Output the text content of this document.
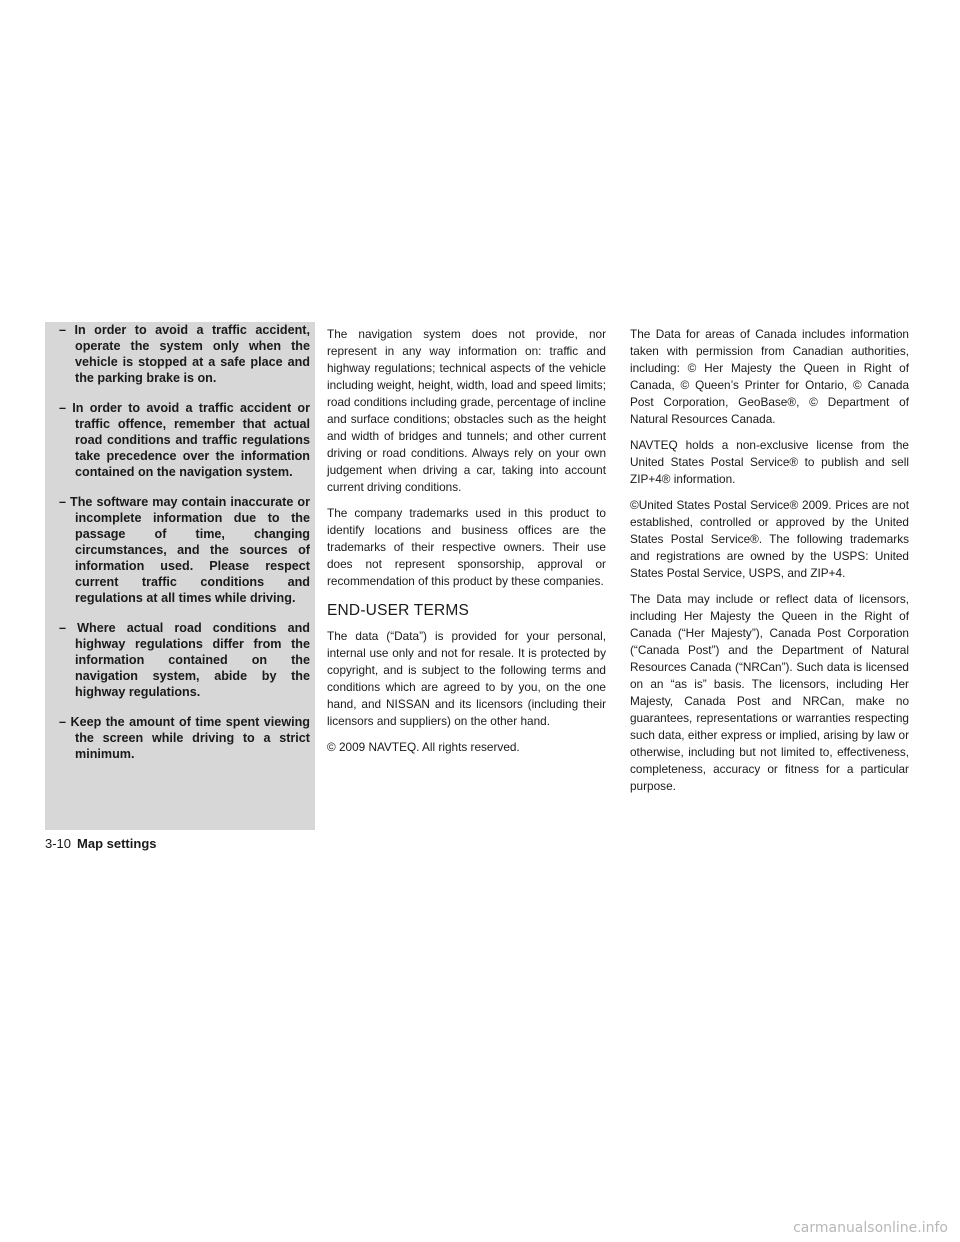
– In order to avoid a traffic accident, operate the system only when the vehicle is stopped at a safe place and the parking brake is on.
– In order to avoid a traffic accident or traffic offence, remember that actual road conditions and traffic regulations take precedence over the information contained on the navigation system.
– The software may contain inaccurate or incomplete information due to the passage of time, changing circumstances, and the sources of information used. Please respect current traffic conditions and regulations at all times while driving.
– Where actual road conditions and highway regulations differ from the information contained on the navigation system, abide by the highway regulations.
– Keep the amount of time spent viewing the screen while driving to a strict minimum.

The navigation system does not provide, nor represent in any way information on: traffic and highway regulations; technical aspects of the vehicle including weight, height, width, load and speed limits; road conditions including grade, percentage of incline and surface conditions; obstacles such as the height and width of bridges and tunnels; and other current driving or road conditions. Always rely on your own judgement when driving a car, taking into account current driving conditions.

The company trademarks used in this product to identify locations and business offices are the trademarks of their respective owners. Their use does not represent sponsorship, approval or recommendation of this product by these companies.

END-USER TERMS

The data (“Data”) is provided for your personal, internal use only and not for resale. It is protected by copyright, and is subject to the following terms and conditions which are agreed to by you, on the one hand, and NISSAN and its licensors (including their licensors and suppliers) on the other hand.

© 2009 NAVTEQ. All rights reserved.

The Data for areas of Canada includes information taken with permission from Canadian authorities, including: © Her Majesty the Queen in Right of Canada, © Queen’s Printer for Ontario, © Canada Post Corporation, GeoBase®, © Department of Natural Resources Canada.

NAVTEQ holds a non-exclusive license from the United States Postal Service® to publish and sell ZIP+4® information.

©United States Postal Service® 2009. Prices are not established, controlled or approved by the United States Postal Service®. The following trademarks and registrations are owned by the USPS: United States Postal Service, USPS, and ZIP+4.

The Data may include or reflect data of licensors, including Her Majesty the Queen in the Right of Canada (“Her Majesty”), Canada Post Corporation (“Canada Post”) and the Department of Natural Resources Canada (“NRCan”). Such data is licensed on an “as is” basis. The licensors, including Her Majesty, Canada Post and NRCan, make no guarantees, representations or warranties respecting such data, either express or implied, arising by law or otherwise, including but not limited to, effectiveness, completeness, accuracy or fitness for a particular purpose.

3-10 Map settings
carmanualsonline.info
